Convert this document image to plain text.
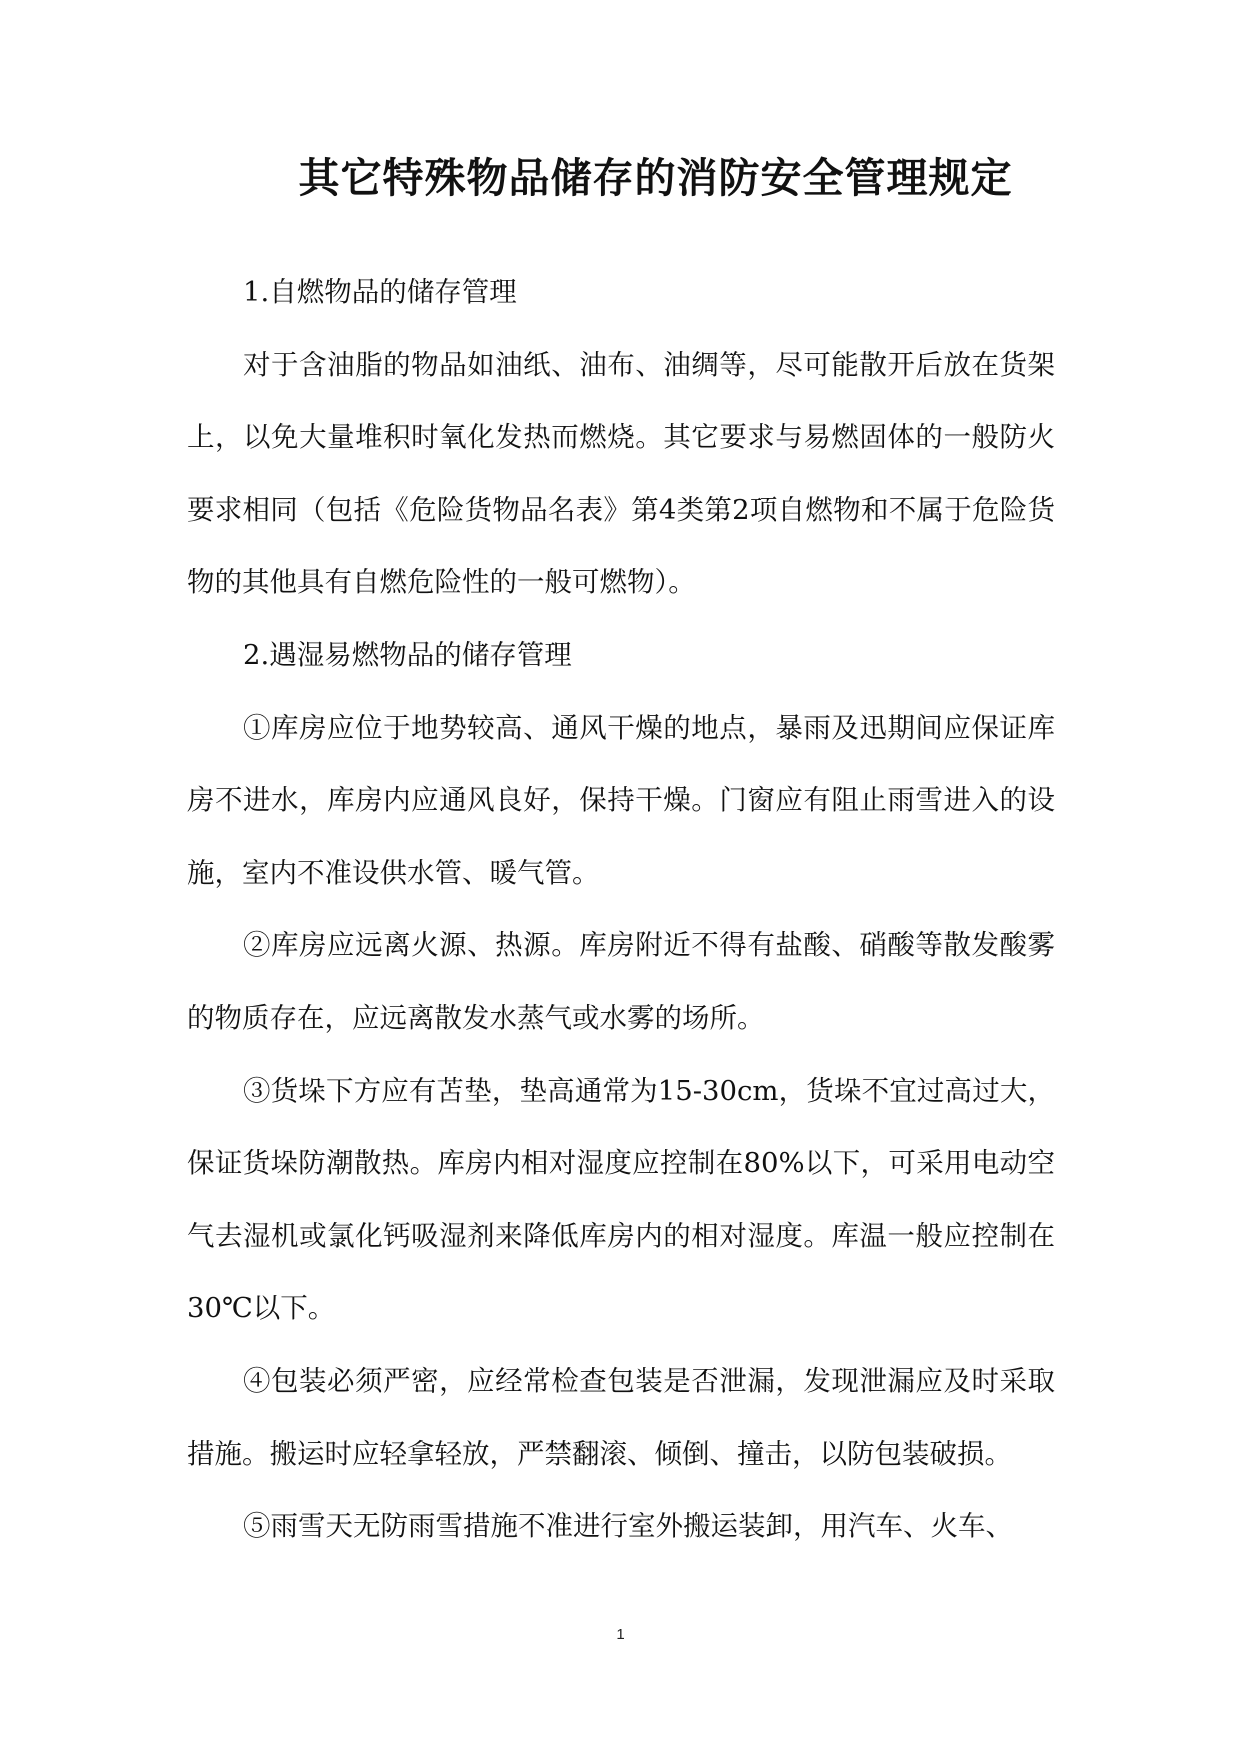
其它特殊物品储存的消防安全管理规定

1.自燃物品的储存管理

对于含油脂的物品如油纸、油布、油绸等，尽可能散开后放在货架上，以免大量堆积时氧化发热而燃烧。其它要求与易燃固体的一般防火要求相同（包括《危险货物品名表》第4类第2项自燃物和不属于危险货物的其他具有自燃危险性的一般可燃物）。

2.遇湿易燃物品的储存管理

①库房应位于地势较高、通风干燥的地点，暴雨及迅期间应保证库房不进水，库房内应通风良好，保持干燥。门窗应有阻止雨雪进入的设施，室内不准设供水管、暖气管。

②库房应远离火源、热源。库房附近不得有盐酸、硝酸等散发酸雾的物质存在，应远离散发水蒸气或水雾的场所。

③货垛下方应有苫垫，垫高通常为15-30cm，货垛不宜过高过大，保证货垛防潮散热。库房内相对湿度应控制在80%以下，可采用电动空气去湿机或氯化钙吸湿剂来降低库房内的相对湿度。库温一般应控制在30℃以下。

④包装必须严密，应经常检查包装是否泄漏，发现泄漏应及时采取措施。搬运时应轻拿轻放，严禁翻滚、倾倒、撞击，以防包装破损。

⑤雨雪天无防雨雪措施不准进行室外搬运装卸，用汽车、火车、

1
